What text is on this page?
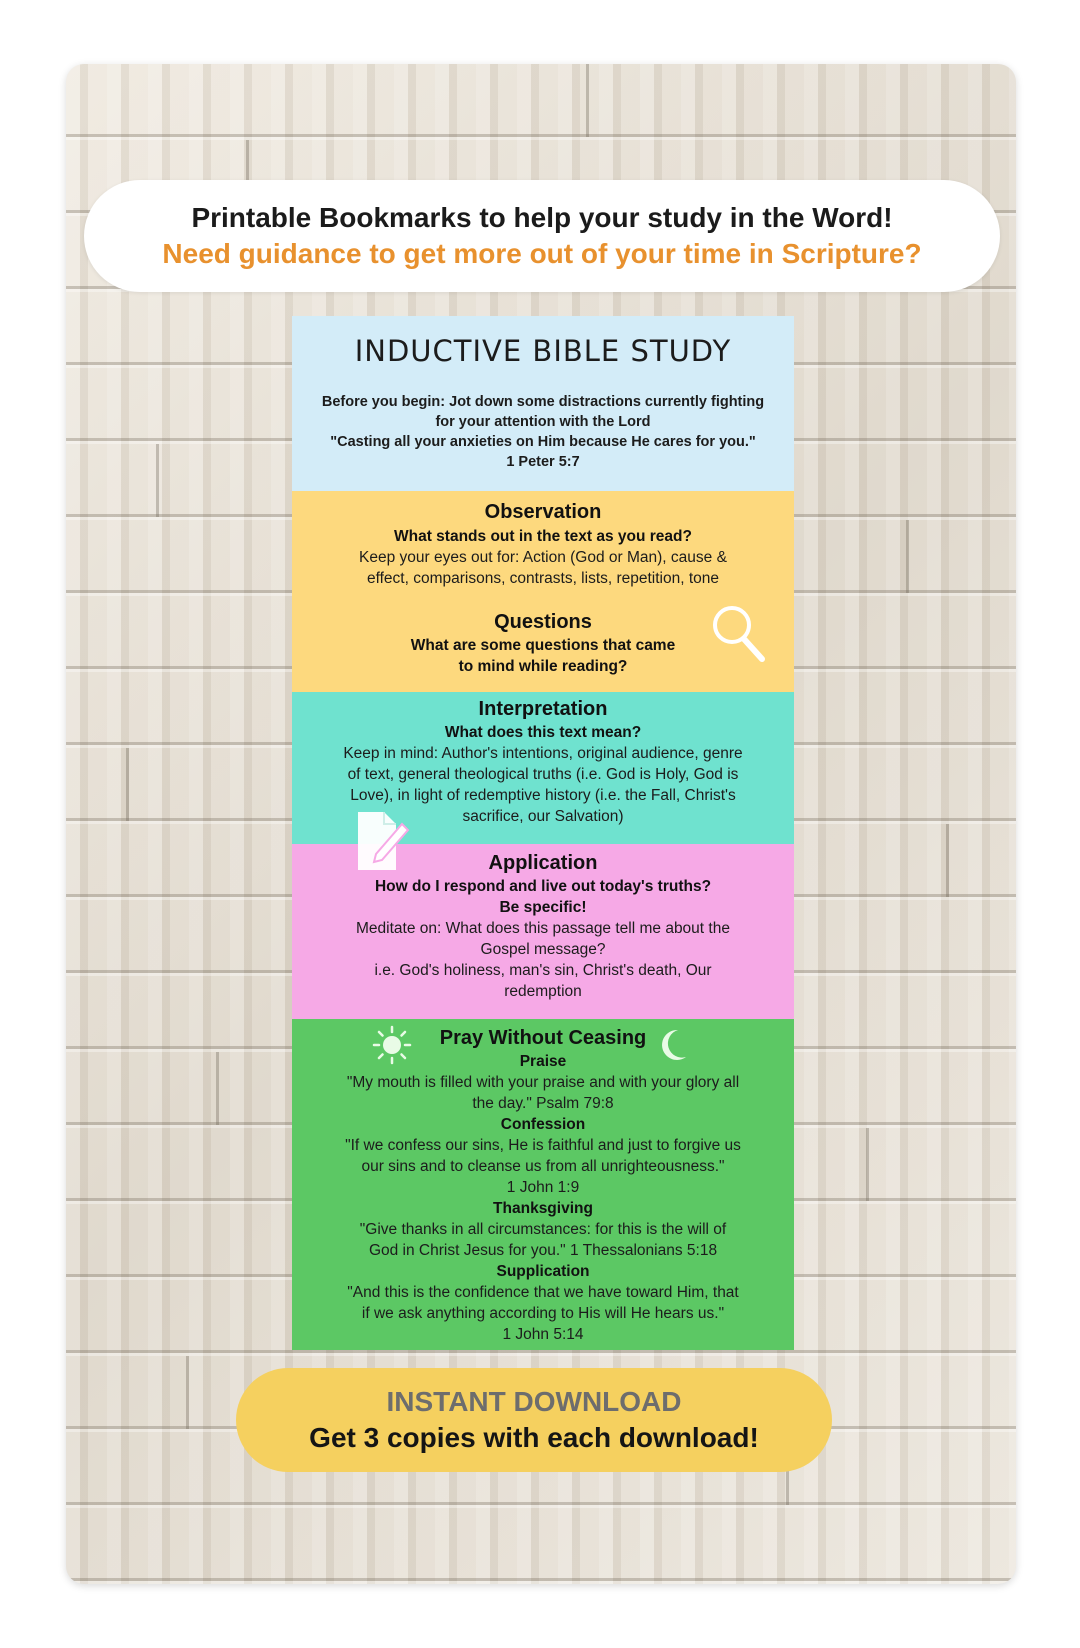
Printable Bookmarks to help your study in the Word!
Need guidance to get more out of your time in Scripture?
INDUCTIVE BIBLE STUDY
Before you begin: Jot down some distractions currently fighting
for your attention with the Lord
"Casting all your anxieties on Him because He cares for you."
1 Peter 5:7
Observation
What stands out in the text as you read?
Keep your eyes out for: Action (God or Man), cause &
effect, comparisons, contrasts, lists, repetition, tone
Questions
What are some questions that came
to mind while reading?
Interpretation
What does this text mean?
Keep in mind: Author's intentions, original audience, genre
of text, general theological truths (i.e. God is Holy, God is
Love), in light of redemptive history (i.e. the Fall, Christ's
sacrifice, our Salvation)
Application
How do I respond and live out today's truths?
Be specific!
Meditate on: What does this passage tell me about the
Gospel message?
i.e. God's holiness, man's sin, Christ's death, Our
redemption
Pray Without Ceasing
Praise
"My mouth is filled with your praise and with your glory all
the day." Psalm 79:8
Confession
"If we confess our sins, He is faithful and just to forgive us
our sins and to cleanse us from all unrighteousness."
1 John 1:9
Thanksgiving
"Give thanks in all circumstances: for this is the will of
God in Christ Jesus for you." 1 Thessalonians 5:18
Supplication
"And this is the confidence that we have toward Him, that
if we ask anything according to His will He hears us."
1 John 5:14
INSTANT DOWNLOAD
Get 3 copies with each download!
